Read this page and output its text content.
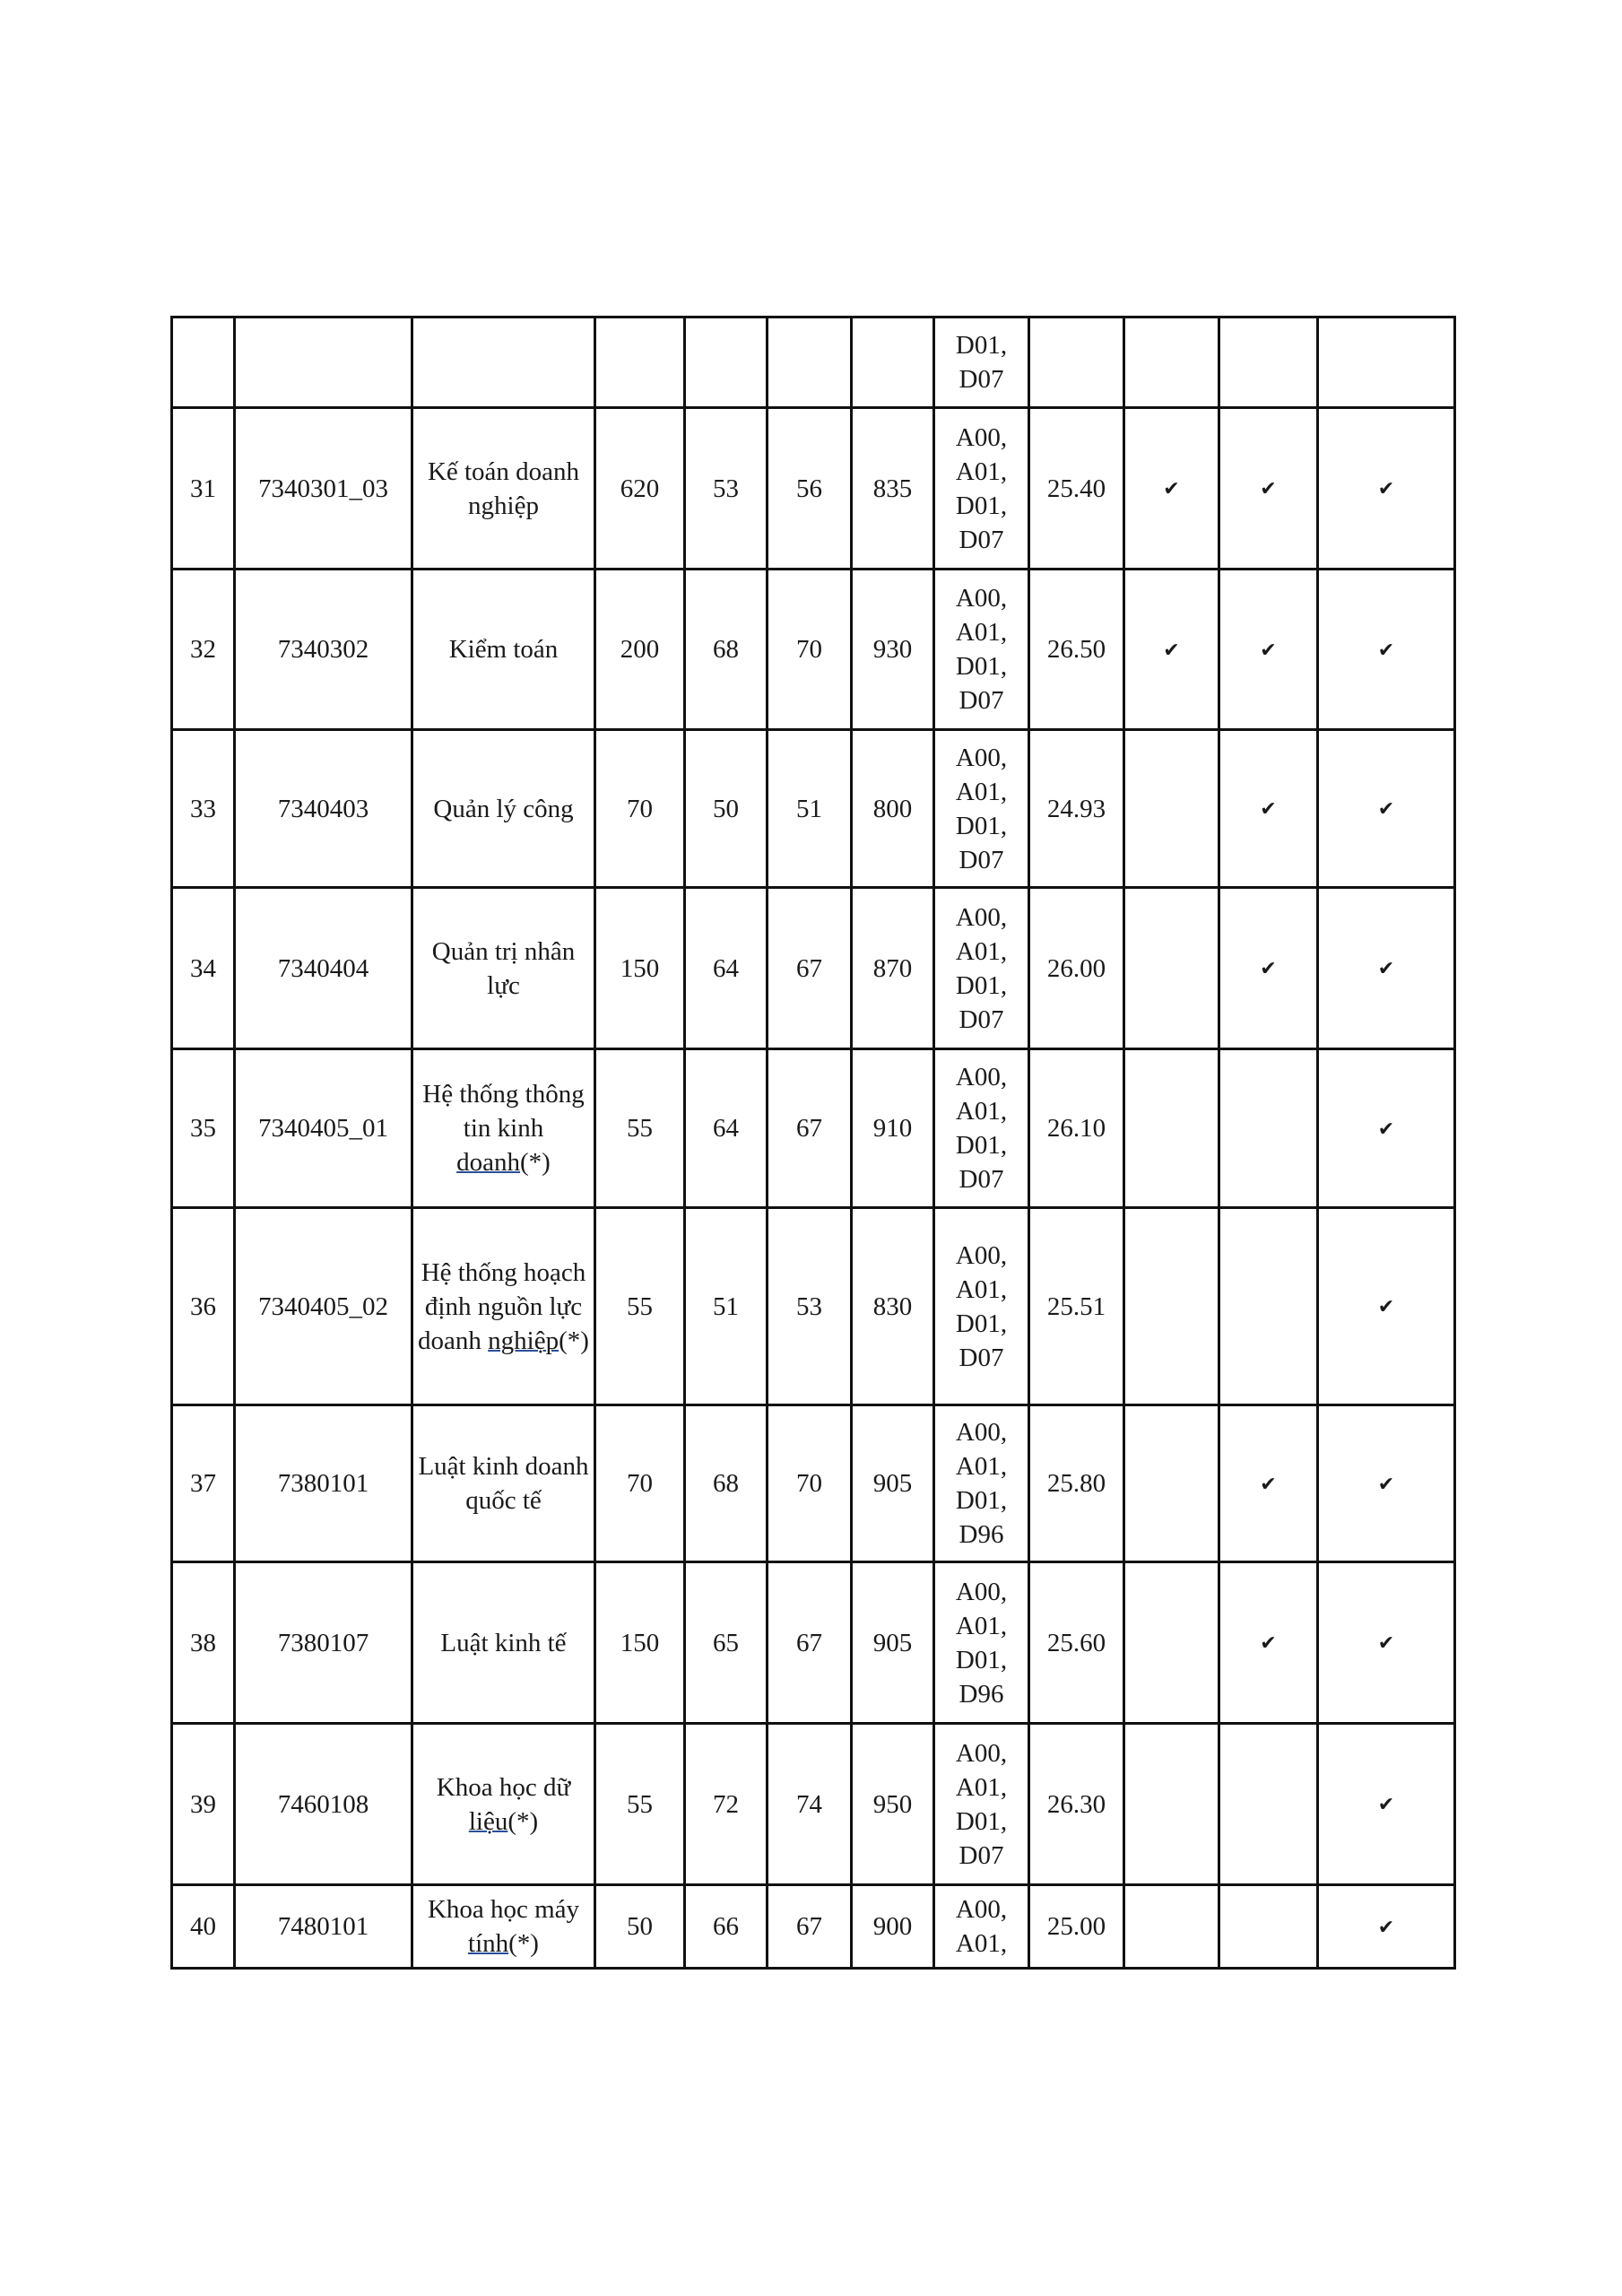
							D01,
D07				

31	7340301_03	Kế toán doanh nghiệp	620	53	56	835	A00,
A01,
D01,
D07	25.40	✔	✔	✔
32	7340302	Kiểm toán	200	68	70	930	A00,
A01,
D01,
D07	26.50	✔	✔	✔
33	7340403	Quản lý công	70	50	51	800	A00,
A01,
D01,
D07	24.93		✔	✔
34	7340404	Quản trị nhân lực	150	64	67	870	A00,
A01,
D01,
D07	26.00		✔	✔
35	7340405_01	Hệ thống thông tin kinh doanh(*)	55	64	67	910	A00,
A01,
D01,
D07	26.10			✔
36	7340405_02	Hệ thống hoạch định nguồn lực doanh nghiệp(*)	55	51	53	830	A00,
A01,
D01,
D07	25.51			✔
37	7380101	Luật kinh doanh quốc tế	70	68	70	905	A00,
A01,
D01,
D96	25.80		✔	✔
38	7380107	Luật kinh tế	150	65	67	905	A00,
A01,
D01,
D96	25.60		✔	✔
39	7460108	Khoa học dữ liệu(*)	55	72	74	950	A00,
A01,
D01,
D07	26.30			✔
40	7480101	Khoa học máy tính(*)	50	66	67	900	A00,
A01,	25.00			✔
